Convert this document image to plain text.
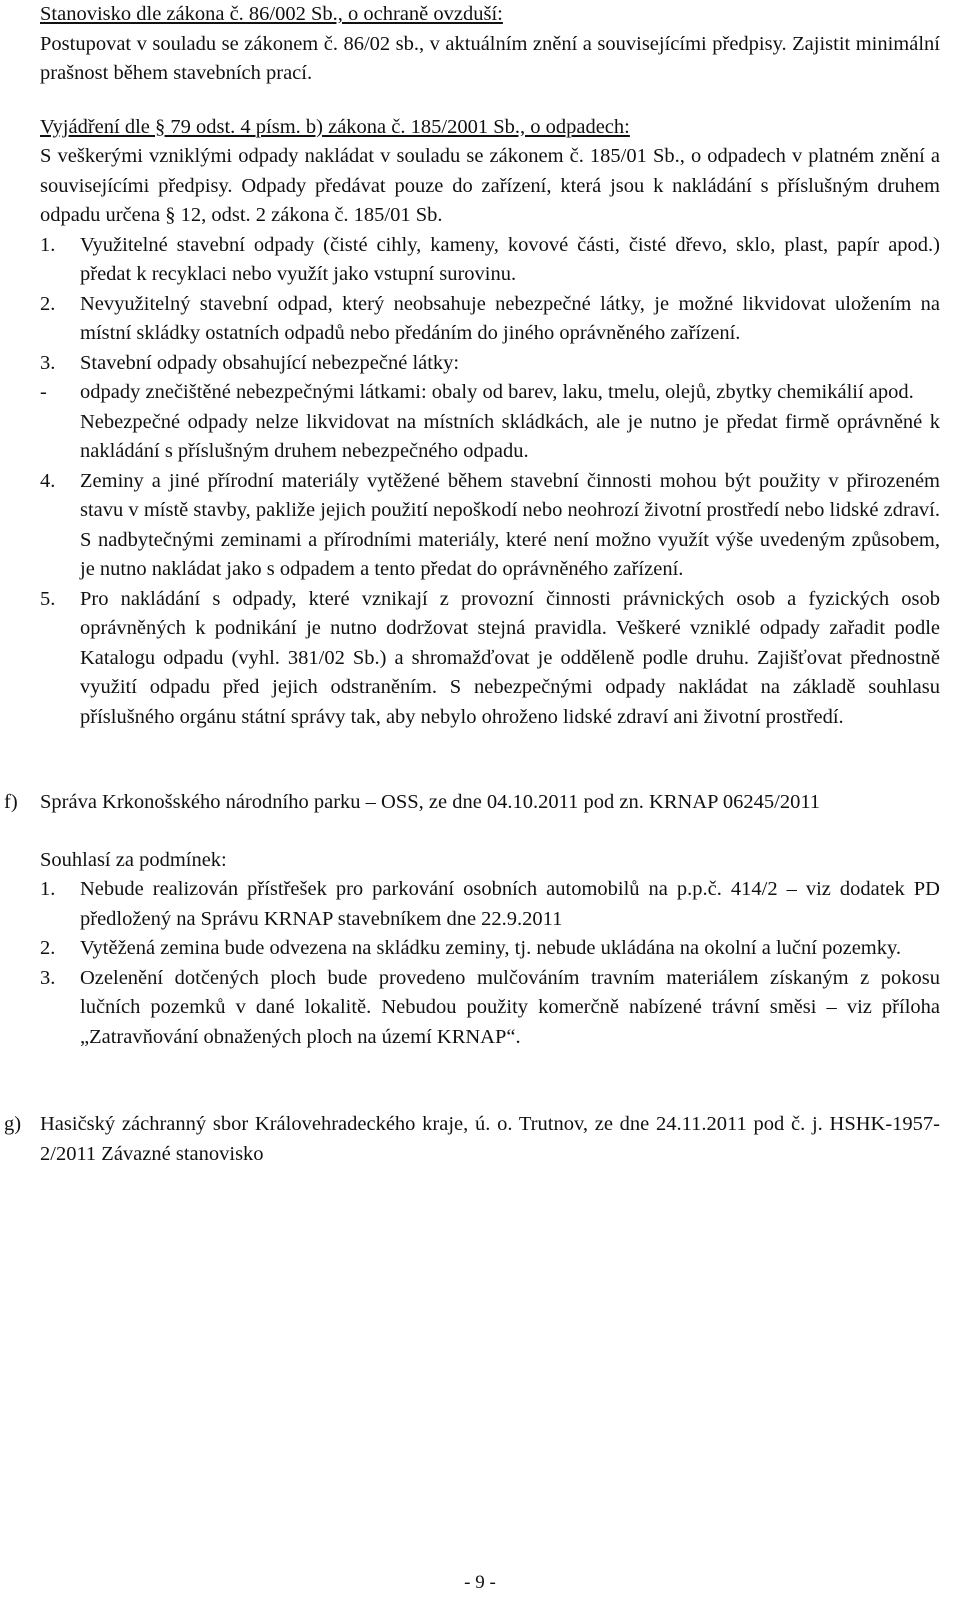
Stanovisko dle zákona č. 86/002 Sb., o ochraně ovzduší:

Postupovat v souladu se zákonem č. 86/02 sb., v aktuálním znění a souvisejícími předpisy. Zajistit minimální prašnost během stavebních prací.

Vyjádření dle § 79 odst. 4 písm. b) zákona č. 185/2001 Sb., o odpadech:

S veškerými vzniklými odpady nakládat v souladu se zákonem č. 185/01 Sb., o odpadech v platném znění a souvisejícími předpisy. Odpady předávat pouze do zařízení, která jsou k nakládání s příslušným druhem odpadu určena § 12, odst. 2 zákona č. 185/01 Sb.

1.	Využitelné stavební odpady (čisté cihly, kameny, kovové části, čisté dřevo, sklo, plast, papír apod.) předat k recyklaci nebo využít jako vstupní surovinu.
2.	Nevyužitelný stavební odpad, který neobsahuje nebezpečné látky, je možné likvidovat uložením na místní skládky ostatních odpadů nebo předáním do jiného oprávněného zařízení.
3.	Stavební odpady obsahující nebezpečné látky:
-	odpady znečištěné nebezpečnými látkami: obaly od barev, laku, tmelu, olejů, zbytky chemikálií apod.
Nebezpečné odpady nelze likvidovat na místních skládkách, ale je nutno je předat firmě oprávněné k nakládání s příslušným druhem nebezpečného odpadu.
4.	Zeminy a jiné přírodní materiály vytěžené během stavební činnosti mohou být použity v přirozeném stavu v místě stavby, pakliže jejich použití nepoškodí nebo neohrozí životní prostředí nebo lidské zdraví. S nadbytečnými zeminami a přírodními materiály, které není možno využít výše uvedeným způsobem, je nutno nakládat jako s odpadem a tento předat do oprávněného zařízení.
5.	Pro nakládání s odpady, které vznikají z provozní činnosti právnických osob a fyzických osob oprávněných k podnikání je nutno dodržovat stejná pravidla. Veškeré vzniklé odpady zařadit podle Katalogu odpadu (vyhl. 381/02 Sb.) a shromažďovat je odděleně podle druhu. Zajišťovat přednostně využití odpadu před jejich odstraněním. S nebezpečnými odpady nakládat na základě souhlasu příslušného orgánu státní správy tak, aby nebylo ohroženo lidské zdraví ani životní prostředí.
f)	Správa Krkonošského národního parku – OSS, ze dne 04.10.2011 pod zn. KRNAP 06245/2011

Souhlasí za podmínek:

1.	Nebude realizován přístřešek pro parkování osobních automobilů na p.p.č. 414/2 – viz dodatek PD předložený na Správu KRNAP stavebníkem dne 22.9.2011
2.	Vytěžená zemina bude odvezena na skládku zeminy, tj. nebude ukládána na okolní a luční pozemky.
3.	Ozelenění dotčených ploch bude provedeno mulčováním travním materiálem získaným z pokosu lučních pozemků v dané lokalitě. Nebudou použity komerčně nabízené trávní směsi – viz příloha „Zatravňování obnažených ploch na území KRNAP“.
g) Hasičský záchranný sbor Královehradeckého kraje, ú. o. Trutnov, ze dne 24.11.2011 pod č. j. HSHK-1957-2/2011 Závazné stanovisko
- 9 -
